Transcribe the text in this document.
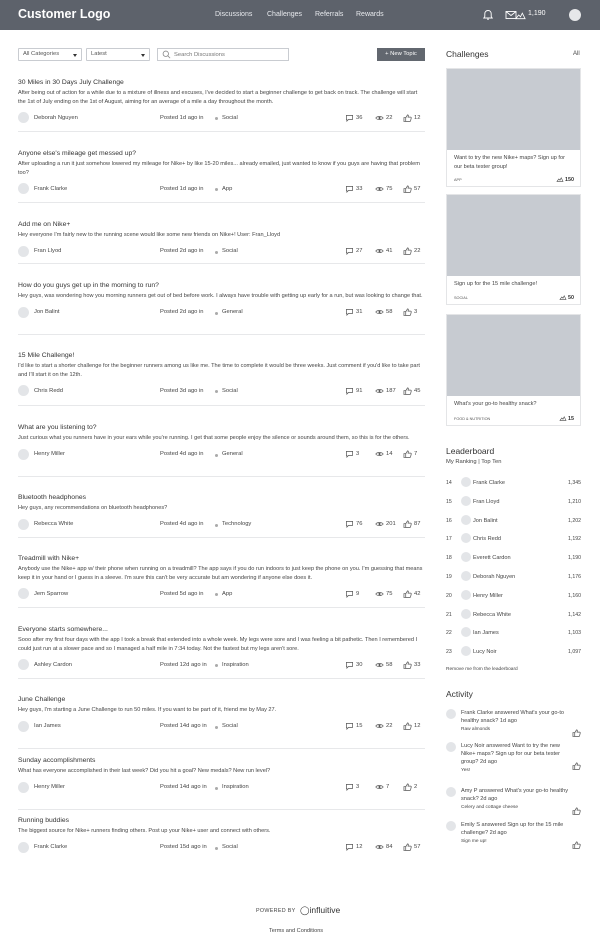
Customer Logo	Discussions Challenges Referrals Rewards	1,190
All Categories	Latest
Search Discussions	+ New Topic
30 Miles in 30 Days July Challenge
After being out of action for a while due to a mixture of illness and excuses, I've decided to start a beginner challenge to get back on track. The challenge will start the 1st of July ending on the 1st of August, aiming for an average of a mile a day throughout the month.
Deborah Nguyen	Posted 1d ago in	Social	36	22	12
Anyone else's mileage get messed up?
After uploading a run it just somehow lowered my mileage for Nike+ by like 15-20 miles... already emailed, just wanted to know if you guys are having that problem too?
Frank Clarke	Posted 1d ago in	App	33	75	57
Add me on Nike+
Hey everyone I'm fairly new to the running scene would like some new friends on Nike+! User: Fran_Lloyd
Fran Llyod	Posted 2d ago in	Social	27	41	22
How do you guys get up in the morning to run?
Hey guys, was wondering how you morning runners get out of bed before work. I always have trouble with getting up early for a run, but was looking to change that.
Jon Balint	Posted 2d ago in	General	31	58	3
15 Mile Challenge!
I'd like to start a shorter challenge for the beginner runners among us like me. The time to complete it would be three weeks. Just comment if you'd like to take part and I'll start it on the 12th.
Chris Redd	Posted 3d ago in	Social	91	187	45
What are you listening to?
Just curious what you runners have in your ears while you're running. I get that some people enjoy the silence or sounds around them, so this is for the others.
Henry Miller	Posted 4d ago in	General	3	14	7
Bluetooth headphones
Hey guys, any recommendations on bluetooth headphones?
Rebecca White	Posted 4d ago in	Technology	76	201	87
Treadmill with Nike+
Anybody use the Nike+ app w/ their phone when running on a treadmill? The app says if you do run indoors to just keep the phone on you. I'm guessing that means keep it in your hand or I guess in a sleeve. I'm sure this can't be very accurate but am wondering if anyone else does it.
Jem Sparrow	Posted 5d ago in	App	9	75	42
Everyone starts somewhere...
Sooo after my first four days with the app I took a break that extended into a whole week. My legs were sore and I was feeling a bit pathetic. Then I remembered I could just run at a slower pace and so I managed a half mile in 7:34 today. Not the fastest but my legs aren't sore.
Ashley Cardon	Posted 12d ago in	Inspiration	30	58	33
June Challenge
Hey guys, I'm starting a June Challenge to run 50 miles. If you want to be part of it, friend me by May 27.
Ian James	Posted 14d ago in	Social	15	22	12
Sunday accomplishments
What has everyone accomplished in their last week? Did you hit a goal? New medals? New run level?
Henry Miller	Posted 14d ago in	Inspiration	3	7	2
Running buddies
The biggest source for Nike+ runners finding others. Post up your Nike+ user and connect with others.
Frank Clarke	Posted 15d ago in	Social	12	84	57
Challenges	All
Want to try the new Nike+ maps? Sign up for our beta tester group!
APP	150
Sign up for the 15 mile challenge!
SOCIAL	50
What's your go-to healthy snack?
FOOD & NUTRITION	15
Leaderboard
My Ranking | Top Ten
14	Frank Clarke	1,345
15	Fran Lloyd	1,210
16	Jon Balint	1,202
17	Chris Redd	1,192
18	Everett Cardon	1,190
19	Deborah Nguyen	1,176
20	Henry Miller	1,160
21	Rebecca White	1,142
22	Ian James	1,103
23	Lucy Noir	1,097
Remove me from the leaderboard
Activity
Frank Clarke answered What's your go-to healthy snack? 1d ago
Raw almonds
Lucy Noir answered Want to try the new Nike+ maps? Sign up for our beta tester group? 2d ago
Yes!
Amy P answered What's your go-to healthy snack? 2d ago
Celery and cottage cheese
Emily S answered Sign up for the 15 mile challenge? 2d ago
Sign me up!
POWERED BY ◯influitive
Terms and Conditions
